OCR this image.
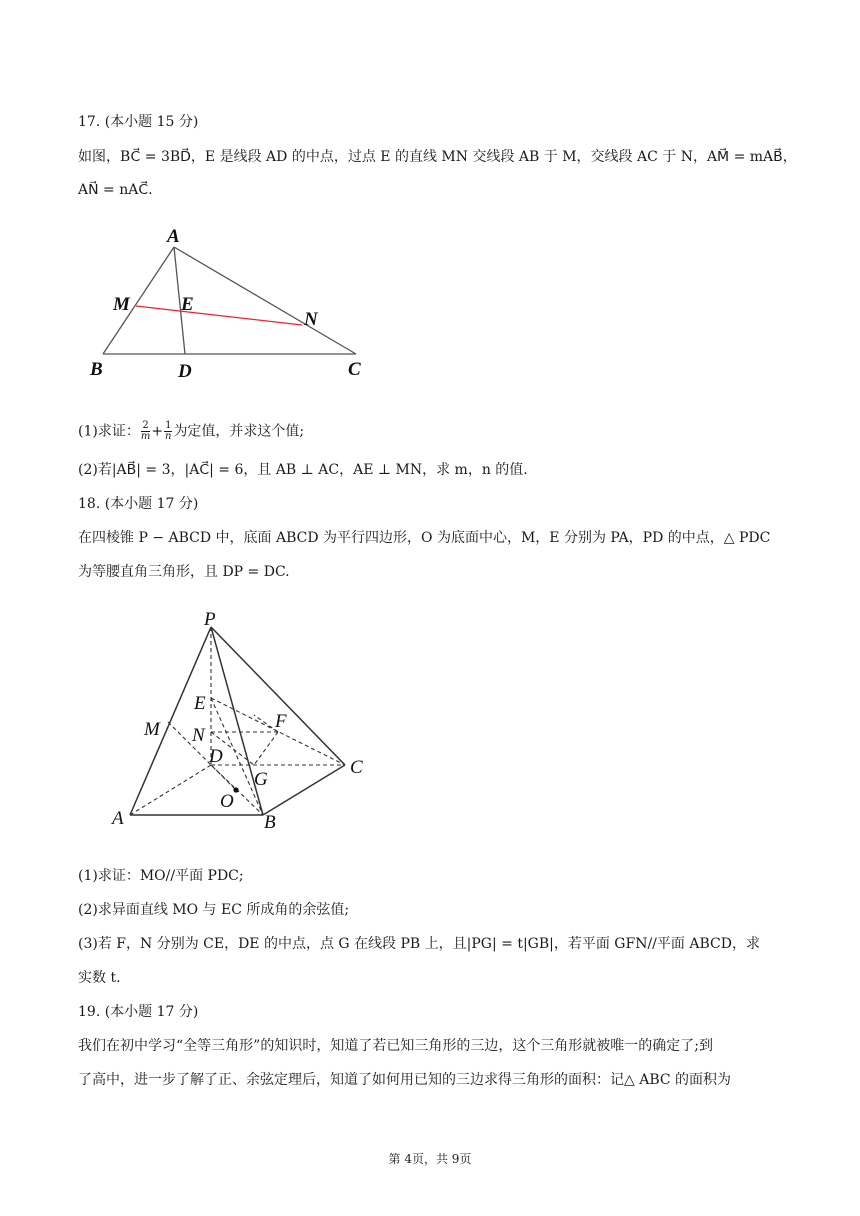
17. (本小题 15 分)
如图，BC⃗ = 3BD⃗，E 是线段 AD 的中点，过点 E 的直线 MN 交线段 AB 于 M，交线段 AC 于 N，AM⃗ = mAB⃗，
AN⃗ = nAC⃗.
A
M	E
N
B	D	C
(1)求证： $\frac{2}{m} + \frac{1}{n}$ 为定值，并求这个值;
(2)若|AB⃗| = 3，|AC⃗| = 6，且 AB ⊥ AC，AE ⊥ MN，求 m，n 的值.
18. (本小题 17 分)
在四棱锥 P − ABCD 中，底面 ABCD 为平行四边形，O 为底面中心，M，E 分别为 PA，PD 的中点，△ PDC
为等腰直角三角形，且 DP = DC.
P
E
F
M N
D
G
C
O
A	B
(1)求证：MO//平面 PDC;
(2)求异面直线 MO 与 EC 所成角的余弦值;
(3)若 F，N 分别为 CE，DE 的中点，点 G 在线段 PB 上，且|PG| = t|GB|，若平面 GFN//平面 ABCD，求
实数 t.
19. (本小题 17 分)
我们在初中学习“全等三角形”的知识时，知道了若已知三角形的三边，这个三角形就被唯一的确定了;到
了高中，进一步了解了正、余弦定理后，知道了如何用已知的三边求得三角形的面积：记△ ABC 的面积为
第 4页，共 9页
